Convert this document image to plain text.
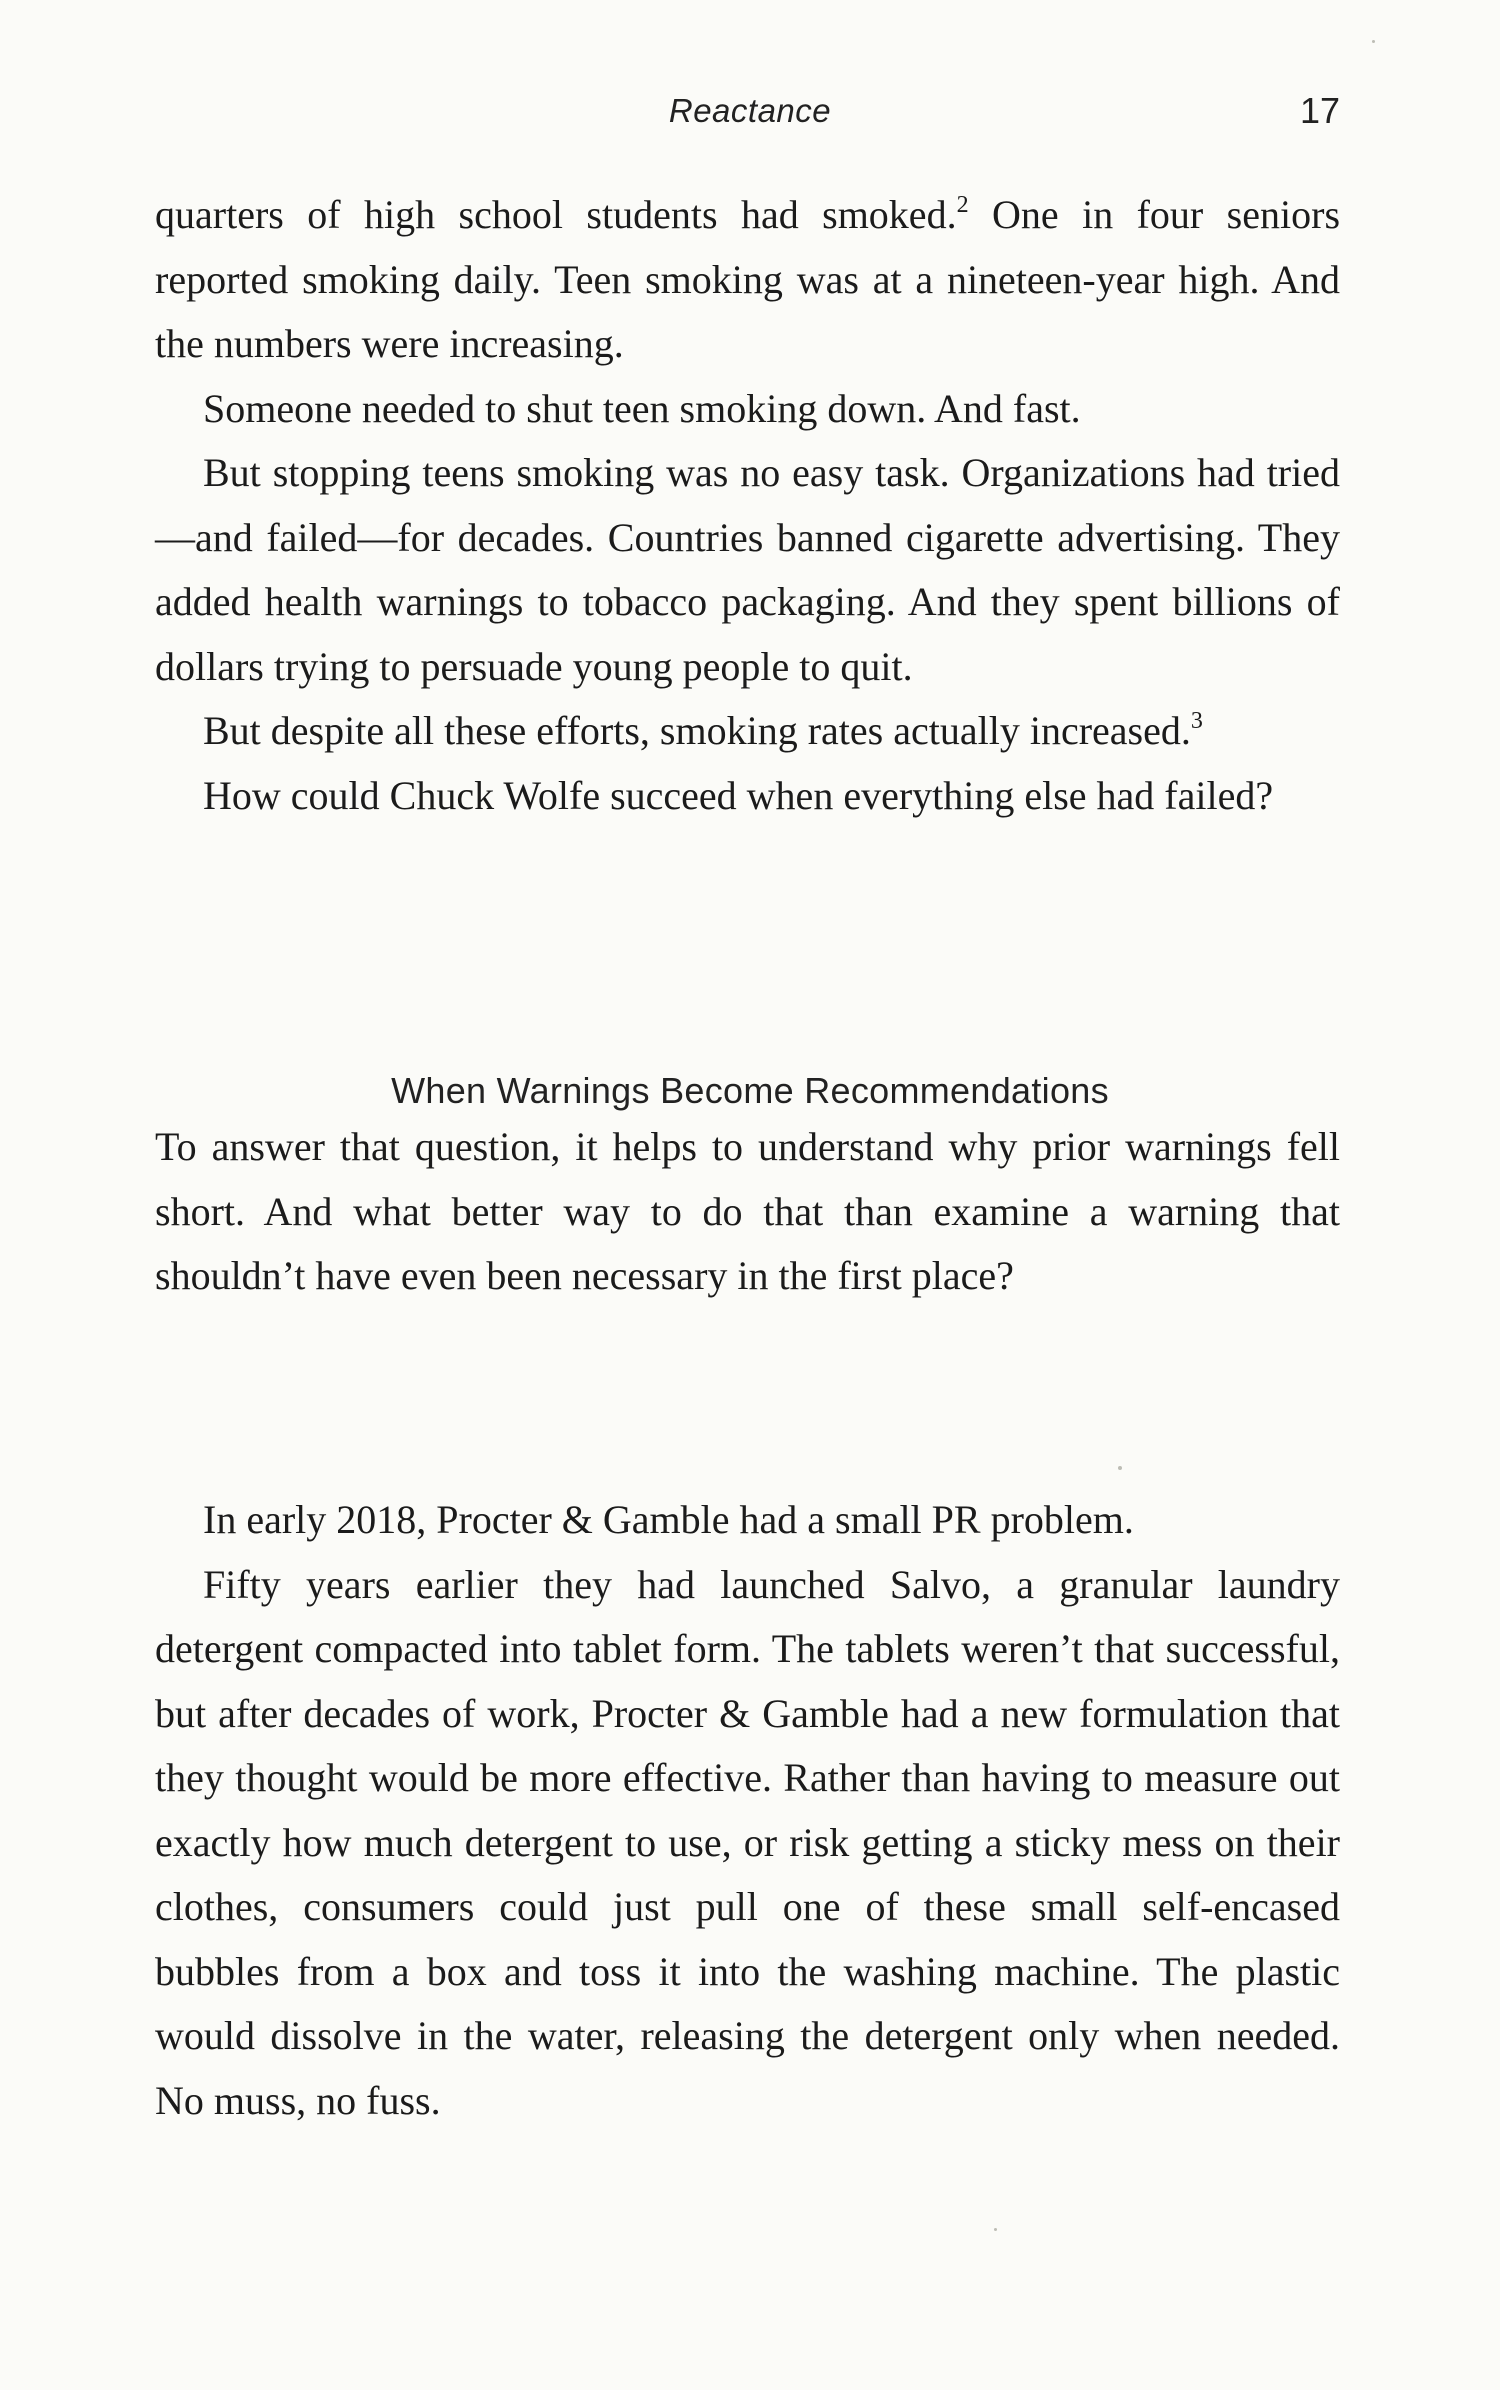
Reactance	17

quarters of high school students had smoked.$^2$ One in four seniors reported smoking daily. Teen smoking was at a nineteen-year high. And the numbers were increasing.

Someone needed to shut teen smoking down. And fast.

But stopping teens smoking was no easy task. Organizations had tried—and failed—for decades. Countries banned cigarette advertising. They added health warnings to tobacco packaging. And they spent billions of dollars trying to persuade young people to quit.

But despite all these efforts, smoking rates actually increased.$^3$

How could Chuck Wolfe succeed when everything else had failed?

When Warnings Become Recommendations

To answer that question, it helps to understand why prior warnings fell short. And what better way to do that than examine a warning that shouldn’t have even been necessary in the first place?

In early 2018, Procter & Gamble had a small PR problem.

Fifty years earlier they had launched Salvo, a granular laundry detergent compacted into tablet form. The tablets weren’t that successful, but after decades of work, Procter & Gamble had a new formulation that they thought would be more effective. Rather than having to measure out exactly how much detergent to use, or risk getting a sticky mess on their clothes, consumers could just pull one of these small self-encased bubbles from a box and toss it into the washing machine. The plastic would dissolve in the water, releasing the detergent only when needed. No muss, no fuss.
